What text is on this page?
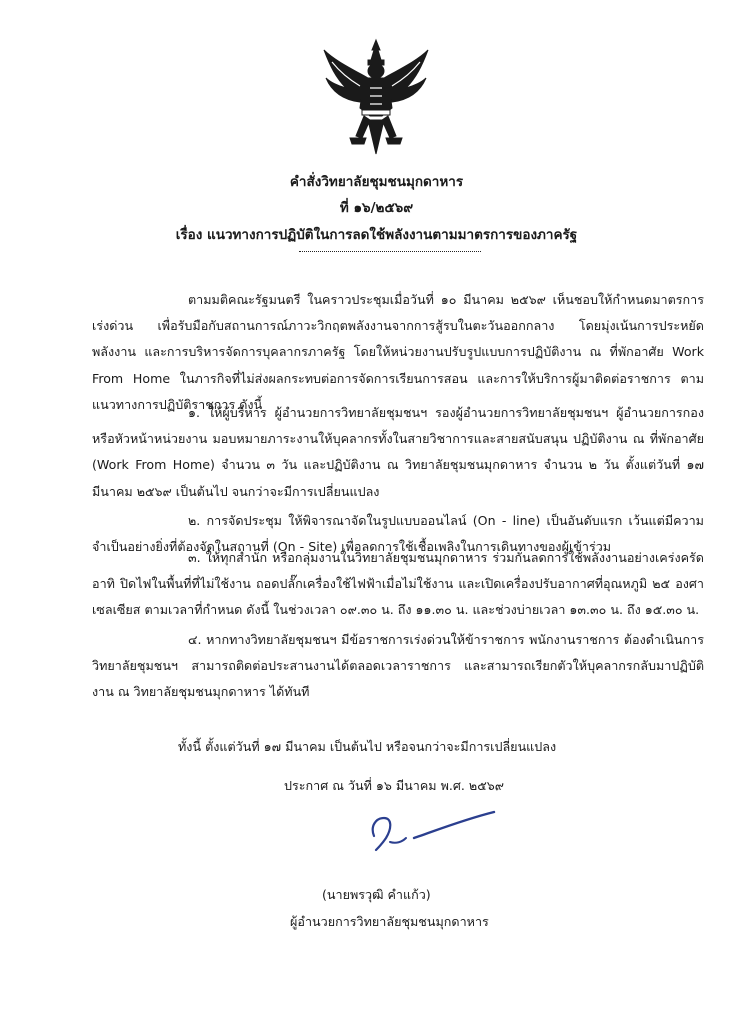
คำสั่งวิทยาลัยชุมชนมุกดาหาร
ที่ ๑๖/๒๕๖๙
เรื่อง แนวทางการปฏิบัติในการลดใช้พลังงานตามมาตรการของภาครัฐ

ตามมติคณะรัฐมนตรี ในคราวประชุมเมื่อวันที่ ๑๐ มีนาคม ๒๕๖๙ เห็นชอบให้กำหนดมาตรการเร่งด่วน เพื่อรับมือกับสถานการณ์ภาวะวิกฤตพลังงานจากการสู้รบในตะวันออกกลาง โดยมุ่งเน้นการประหยัดพลังงาน และการบริหารจัดการบุคลากรภาครัฐ โดยให้หน่วยงานปรับรูปแบบการปฏิบัติงาน ณ ที่พักอาศัย Work From Home ในภารกิจที่ไม่ส่งผลกระทบต่อการจัดการเรียนการสอน และการให้บริการผู้มาติดต่อราชการ ตามแนวทางการปฏิบัติราชการ ดังนี้

๑. ให้ผู้บริหาร ผู้อำนวยการวิทยาลัยชุมชนฯ รองผู้อำนวยการวิทยาลัยชุมชนฯ ผู้อำนวยการกองหรือหัวหน้าหน่วยงาน มอบหมายภาระงานให้บุคลากรทั้งในสายวิชาการและสายสนับสนุน ปฏิบัติงาน ณ ที่พักอาศัย (Work From Home) จำนวน ๓ วัน และปฏิบัติงาน ณ วิทยาลัยชุมชนมุกดาหาร จำนวน ๒ วัน ตั้งแต่วันที่ ๑๗ มีนาคม ๒๕๖๙ เป็นต้นไป จนกว่าจะมีการเปลี่ยนแปลง

๒. การจัดประชุม ให้พิจารณาจัดในรูปแบบออนไลน์ (On - line) เป็นอันดับแรก เว้นแต่มีความจำเป็นอย่างยิ่งที่ต้องจัดในสถานที่ (On - Site) เพื่อลดการใช้เชื้อเพลิงในการเดินทางของผู้เข้าร่วม

๓. ให้ทุกสำนัก หรือกลุ่มงานในวิทยาลัยชุมชนมุกดาหาร ร่วมกันลดการใช้พลังงานอย่างเคร่งครัด อาทิ ปิดไฟในพื้นที่ที่ไม่ใช้งาน ถอดปลั๊กเครื่องใช้ไฟฟ้าเมื่อไม่ใช้งาน และเปิดเครื่องปรับอากาศที่อุณหภูมิ ๒๕ องศาเซลเซียส ตามเวลาที่กำหนด ดังนี้ ในช่วงเวลา ๐๙.๓๐ น. ถึง ๑๑.๓๐ น. และช่วงบ่ายเวลา ๑๓.๓๐ น. ถึง ๑๕.๓๐ น.

๔. หากทางวิทยาลัยชุมชนฯ มีข้อราชการเร่งด่วนให้ข้าราชการ พนักงานราชการ ต้องดำเนินการวิทยาลัยชุมชนฯ สามารถติดต่อประสานงานได้ตลอดเวลาราชการ และสามารถเรียกตัวให้บุคลากรกลับมาปฏิบัติงาน ณ วิทยาลัยชุมชนมุกดาหาร ได้ทันที

ทั้งนี้ ตั้งแต่วันที่ ๑๗ มีนาคม เป็นต้นไป หรือจนกว่าจะมีการเปลี่ยนแปลง

ประกาศ ณ วันที่ ๑๖ มีนาคม พ.ศ. ๒๕๖๙
(นายพรวุฒิ คำแก้ว)
ผู้อำนวยการวิทยาลัยชุมชนมุกดาหาร
